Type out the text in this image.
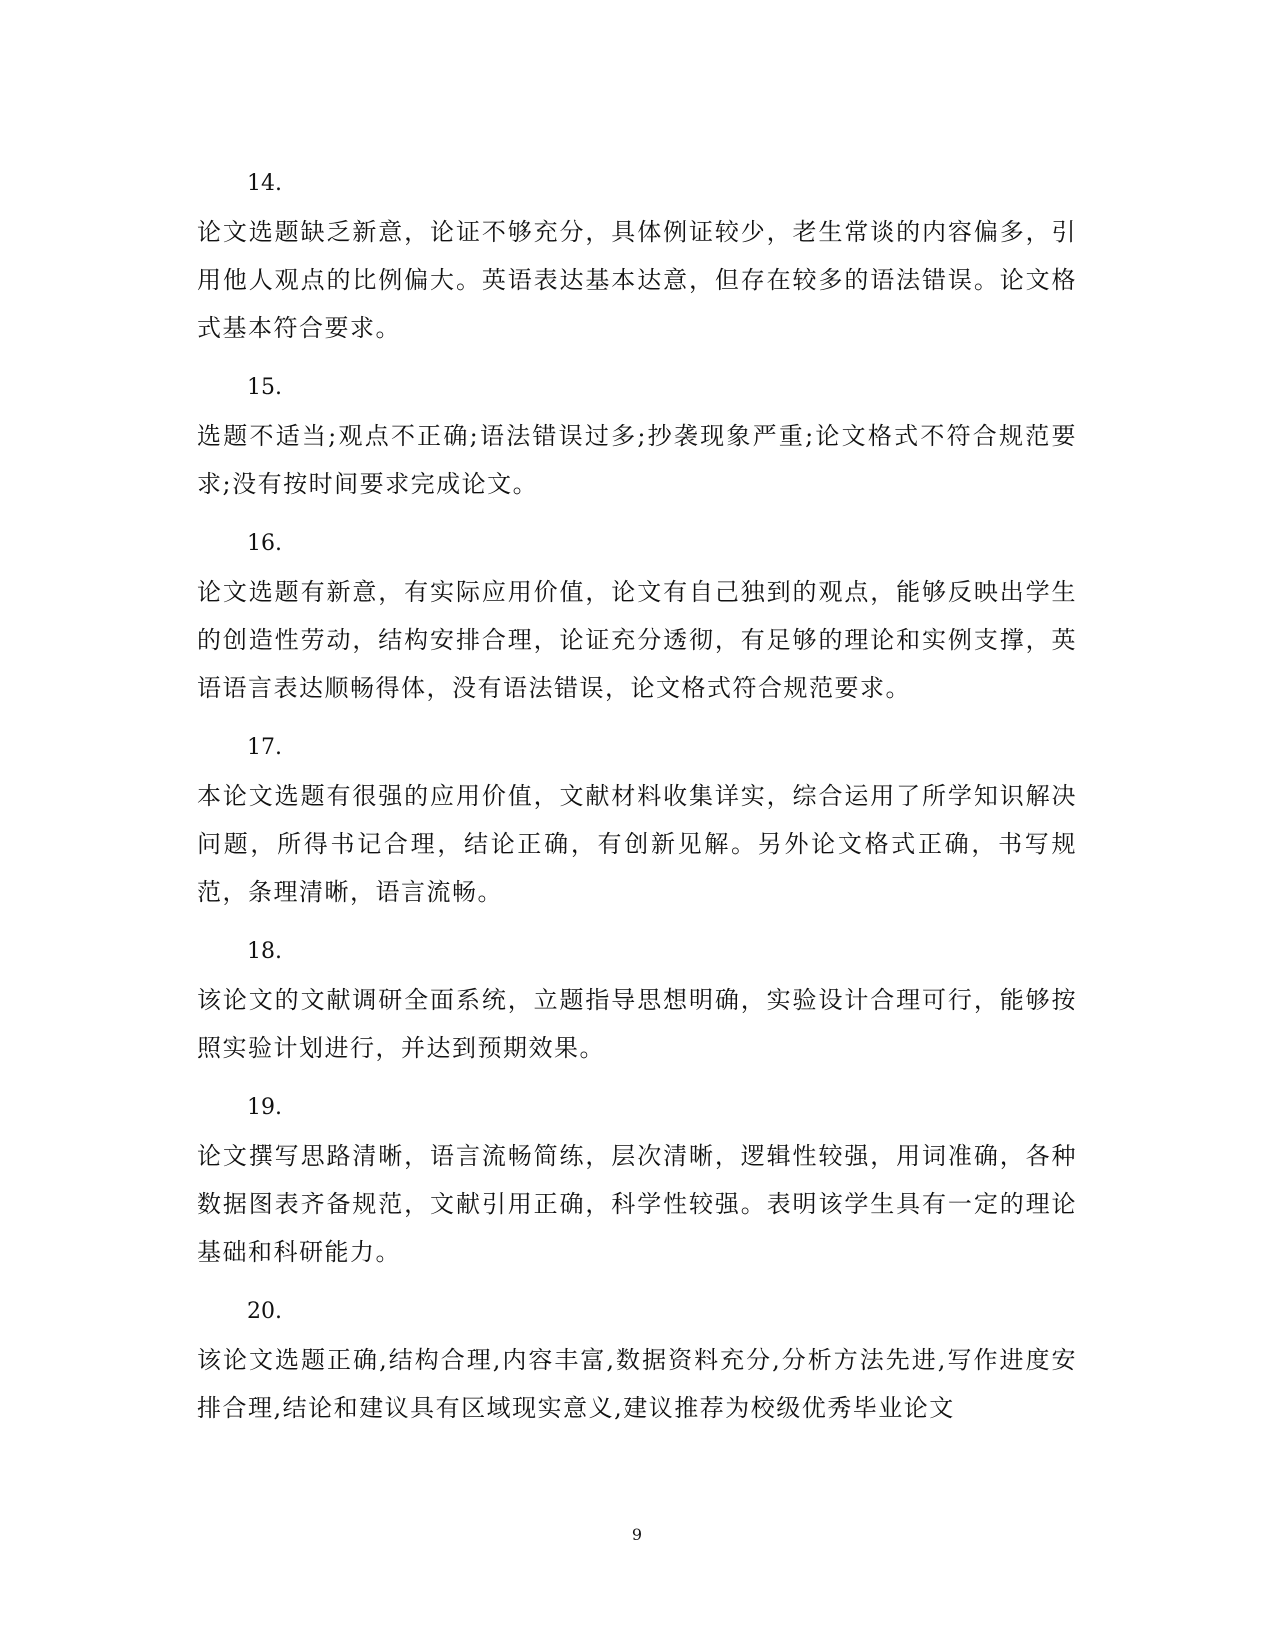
14.
论文选题缺乏新意，论证不够充分，具体例证较少，老生常谈的内容偏多，引用他人观点的比例偏大。英语表达基本达意，但存在较多的语法错误。论文格式基本符合要求。
15.
选题不适当;观点不正确;语法错误过多;抄袭现象严重;论文格式不符合规范要求;没有按时间要求完成论文。
16.
论文选题有新意，有实际应用价值，论文有自己独到的观点，能够反映出学生的创造性劳动，结构安排合理，论证充分透彻，有足够的理论和实例支撑，英语语言表达顺畅得体，没有语法错误，论文格式符合规范要求。
17.
本论文选题有很强的应用价值，文献材料收集详实，综合运用了所学知识解决问题，所得书记合理，结论正确，有创新见解。另外论文格式正确，书写规范，条理清晰，语言流畅。
18.
该论文的文献调研全面系统，立题指导思想明确，实验设计合理可行，能够按照实验计划进行，并达到预期效果。
19.
论文撰写思路清晰，语言流畅简练，层次清晰，逻辑性较强，用词准确，各种数据图表齐备规范，文献引用正确，科学性较强。表明该学生具有一定的理论基础和科研能力。
20.
该论文选题正确,结构合理,内容丰富,数据资料充分,分析方法先进,写作进度安排合理,结论和建议具有区域现实意义,建议推荐为校级优秀毕业论文
9
